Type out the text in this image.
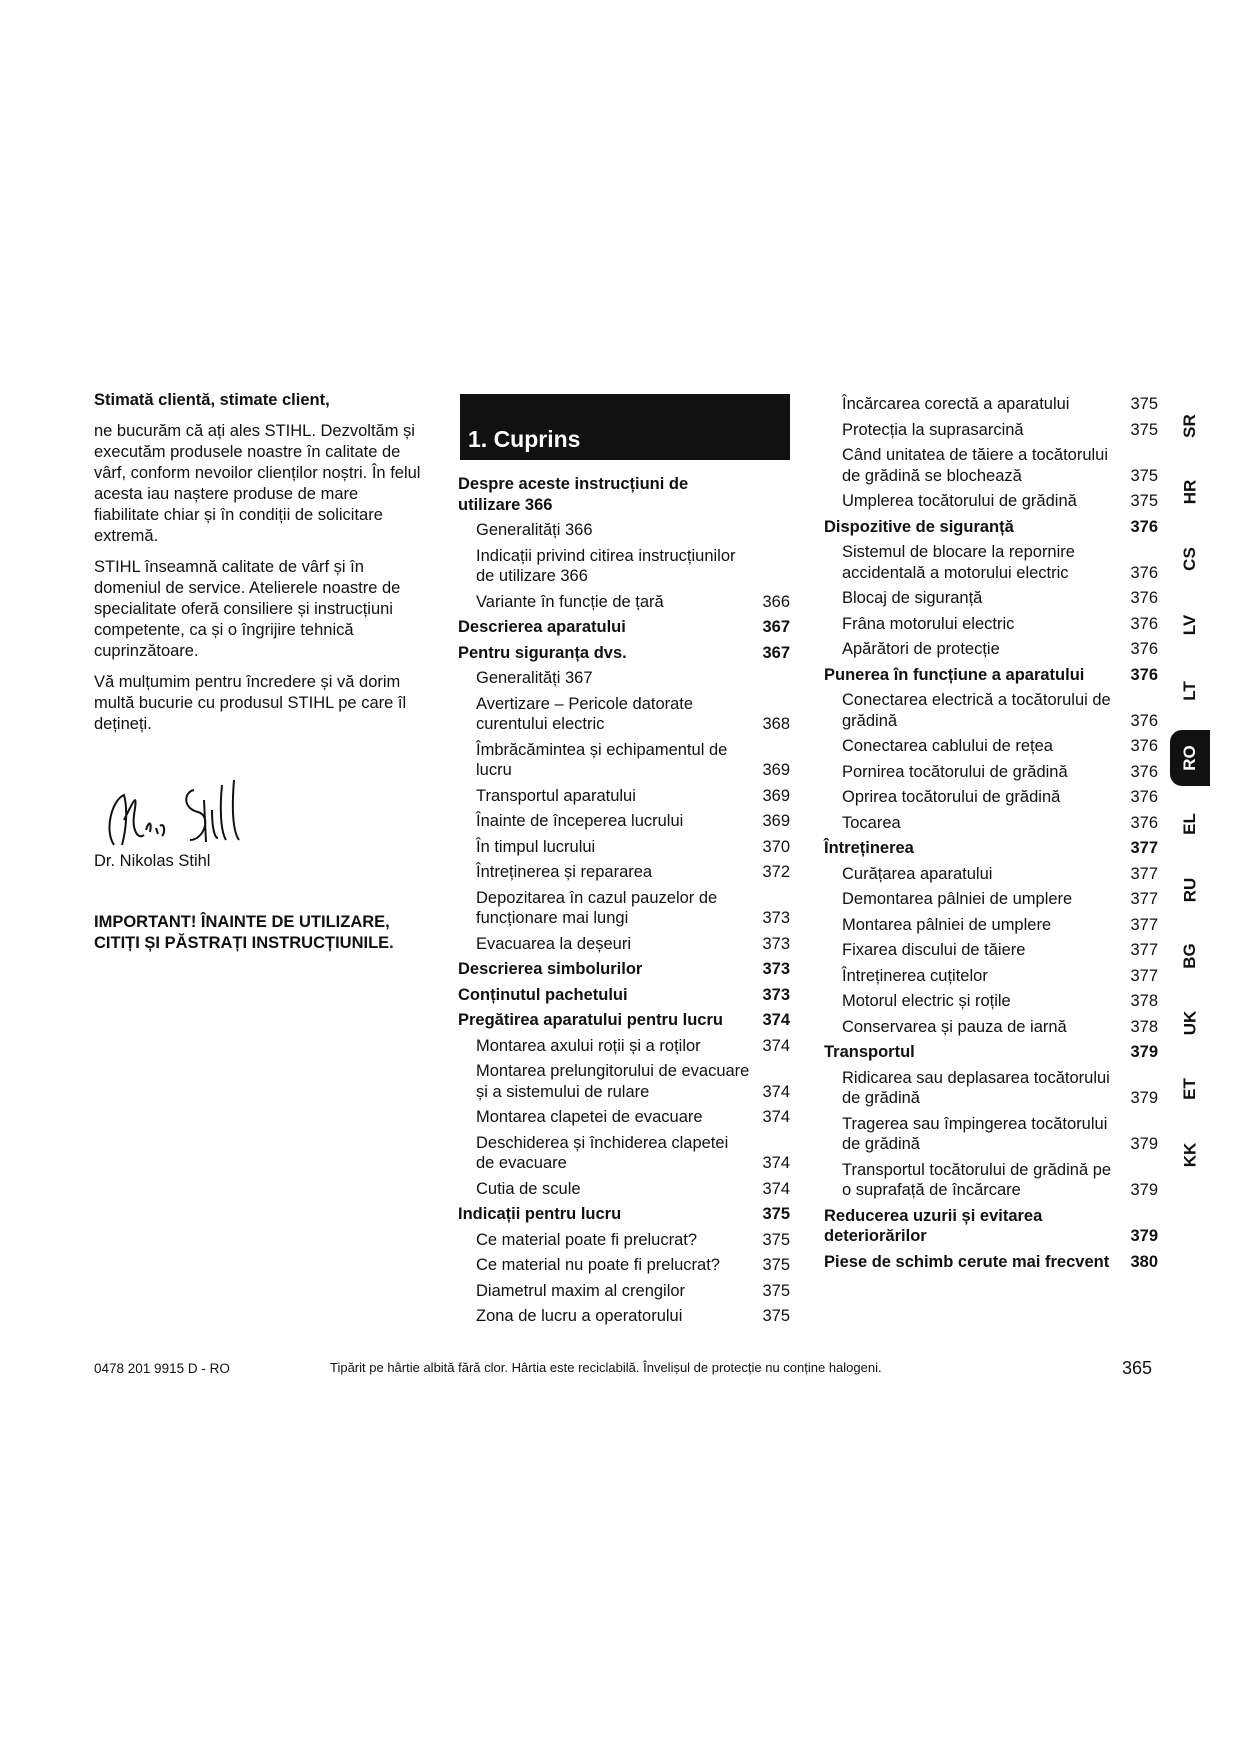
Stimată clientă, stimate client,

ne bucurăm că ați ales STIHL. Dezvoltăm și executăm produsele noastre în calitate de vârf, conform nevoilor clienților noștri. În felul acesta iau naștere produse de mare fiabilitate chiar și în condiții de solicitare extremă.

STIHL înseamnă calitate de vârf și în domeniul de service. Atelierele noastre de specialitate oferă consiliere și instrucțiuni competente, ca și o îngrijire tehnică cuprinzătoare.

Vă mulțumim pentru încredere și vă dorim multă bucurie cu produsul STIHL pe care îl dețineți.

Dr. Nikolas Stihl
IMPORTANT! ÎNAINTE DE UTILIZARE, CITIȚI ȘI PĂSTRAȚI INSTRUCȚIUNILE.
1. Cuprins
Despre aceste instrucțiuni de utilizare 366
Generalități 366
Indicații privind citirea instrucțiunilor de utilizare 366
Variante în funcție de țară	366
Descrierea aparatului	367
Pentru siguranța dvs.	367
Generalități 367
Avertizare – Pericole datorate curentului electric	368
Îmbrăcămintea și echipamentul de lucru	369
Transportul aparatului	369
Înainte de începerea lucrului	369
În timpul lucrului	370
Întreținerea și repararea	372
Depozitarea în cazul pauzelor de funcționare mai lungi	373
Evacuarea la deșeuri	373
Descrierea simbolurilor	373
Conținutul pachetului	373
Pregătirea aparatului pentru lucru	374
Montarea axului roții și a roților	374
Montarea prelungitorului de evacuare și a sistemului de rulare	374
Montarea clapetei de evacuare	374
Deschiderea și închiderea clapetei de evacuare	374
Cutia de scule	374
Indicații pentru lucru	375
Ce material poate fi prelucrat?	375
Ce material nu poate fi prelucrat?	375
Diametrul maxim al crengilor	375
Zona de lucru a operatorului	375
Încărcarea corectă a aparatului	375
Protecția la suprasarcină	375
Când unitatea de tăiere a tocătorului de grădină se blochează	375
Umplerea tocătorului de grădină	375
Dispozitive de siguranță	376
Sistemul de blocare la repornire accidentală a motorului electric	376
Blocaj de siguranță	376
Frâna motorului electric	376
Apărători de protecție	376
Punerea în funcțiune a aparatului	376
Conectarea electrică a tocătorului de grădină	376
Conectarea cablului de rețea	376
Pornirea tocătorului de grădină	376
Oprirea tocătorului de grădină	376
Tocarea	376
Întreținerea	377
Curățarea aparatului	377
Demontarea pâlniei de umplere	377
Montarea pâlniei de umplere	377
Fixarea discului de tăiere	377
Întreținerea cuțitelor	377
Motorul electric și roțile	378
Conservarea și pauza de iarnă	378
Transportul	379
Ridicarea sau deplasarea tocătorului de grădină	379
Tragerea sau împingerea tocătorului de grădină	379
Transportul tocătorului de grădină pe o suprafață de încărcare	379
Reducerea uzurii și evitarea deteriorărilor	379
Piese de schimb cerute mai frecvent	380
SR
HR
CS
LV
LT
RO
EL
RU
BG
UK
ET
KK
0478 201 9915 D - RO	Tipărit pe hârtie albită fără clor. Hârtia este reciclabilă. Învelișul de protecție nu conține halogeni.	365
